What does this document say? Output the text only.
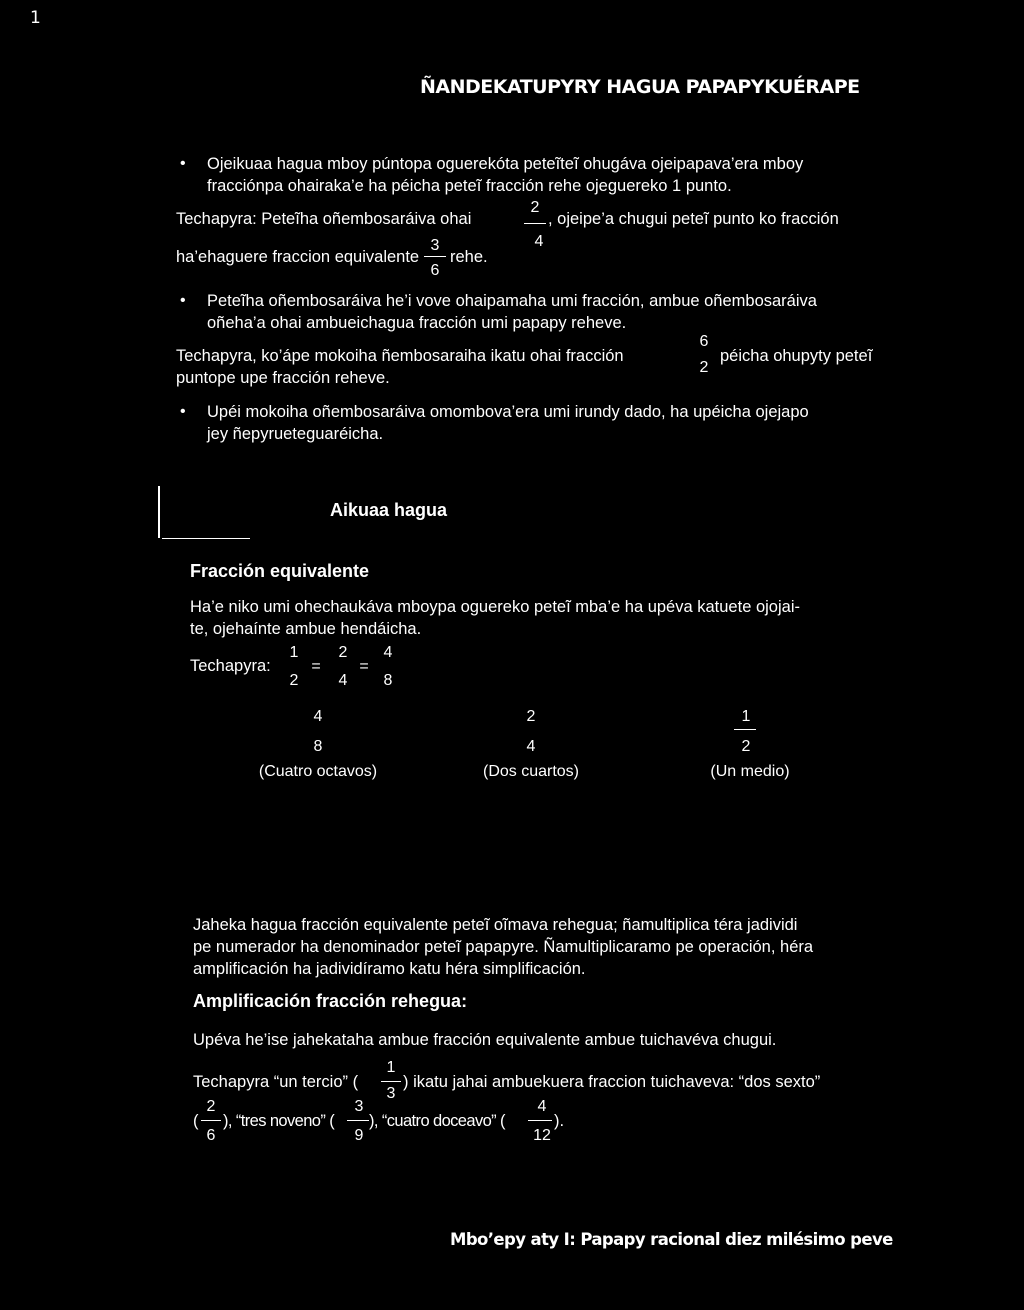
1
ÑANDEKATUPYRY HAGUA PAPAPYKUÉRAPE
• Ojeikuaa hagua mboy púntopa oguerekóta peteĩteĩ ohugáva ojeipapava’era mboy
fracciónpa ohairaka’e ha péicha peteĩ fracción rehe ojeguereko 1 punto.
Techapyra: Peteĩha oñembosaráiva ohai
2
4
, ojeipe’a chugui peteĩ punto ko fracción
ha’ehaguere fraccion equivalente
3
6
rehe.
• Peteĩha oñembosaráiva he’i vove ohaipamaha umi fracción, ambue oñembosaráiva
oñeha’a ohai ambueichagua fracción umi papapy reheve.
Techapyra, ko’ápe mokoiha ñembosaraiha ikatu ohai fracción
6
2
péicha ohupyty peteĩ
puntope upe fracción reheve.
• Upéi mokoiha oñembosaráiva omombova’era umi irundy dado, ha upéicha ojejapo
jey ñepyrueteguaréicha.
Aikuaa hagua
Fracción equivalente
Ha’e niko umi ohechaukáva mboypa oguereko peteĩ mba’e ha upéva katuete ojojai-
te, ojehaínte ambue hendáicha.
Techapyra:
1
2
=
2
4
=
4
8
4
8
(Cuatro octavos)
2
4
(Dos cuartos)
1
2
(Un medio)
Jaheka hagua fracción equivalente peteĩ oĩmava rehegua; ñamultiplica téra jadividi
pe numerador ha denominador peteĩ papapyre. Ñamultiplicaramo pe operación, héra
amplificación ha jadividíramo katu héra simplificación.
Amplificación fracción rehegua:
Upéva he’ise jahekataha ambue fracción equivalente ambue tuichavéva chugui.
Techapyra “un tercio” (
1
3
) ikatu jahai ambuekuera fraccion tuichaveva: “dos sexto”
(
2
6
), “tres noveno” (
3
9
), “cuatro doceavo” (
4
12
).
Mbo’epy aty I: Papapy racional diez milésimo peve
